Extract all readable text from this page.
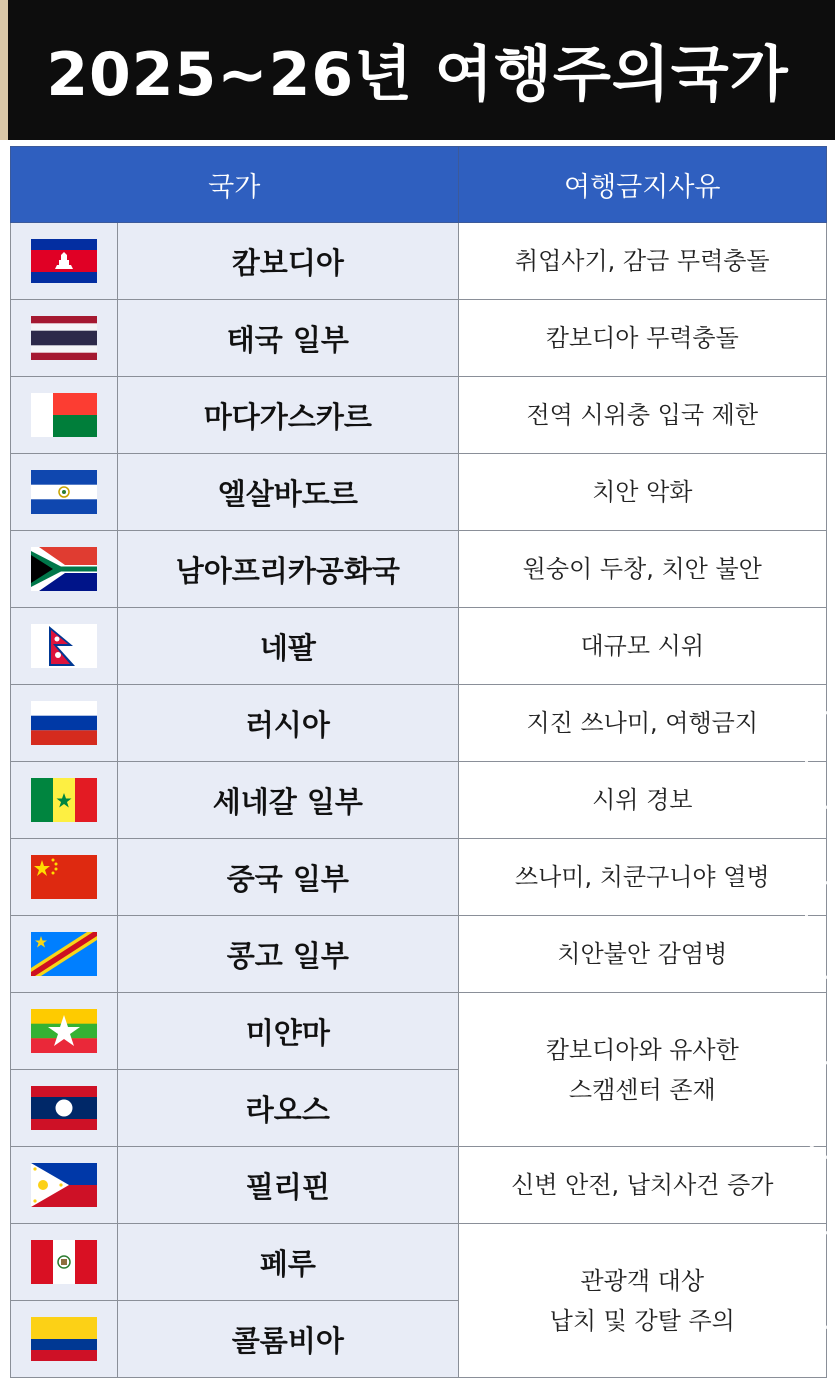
2025~26년 여행주의국가
국가		여행금지사유

	캄보디아	취업사기, 감금 무력충돌

	태국 일부	캄보디아 무력충돌

	마다가스카르	전역 시위충 입국 제한

	엘살바도르	치안 악화

	남아프리카공화국	원숭이 두창, 치안 불안

	네팔	대규모 시위

	러시아	지진 쓰나미, 여행금지

	세네갈 일부	시위 경보

	중국 일부	쓰나미, 치쿤구니야 열병

	콩고 일부	치안불안 감염병

	미얀마	캄보디아와 유사한
스캠센터 존재

	라오스	

	필리핀	신변 안전, 납치사건 증가

	페루	관광객 대상
납치 및 강탈 주의

	콜롬비아	
